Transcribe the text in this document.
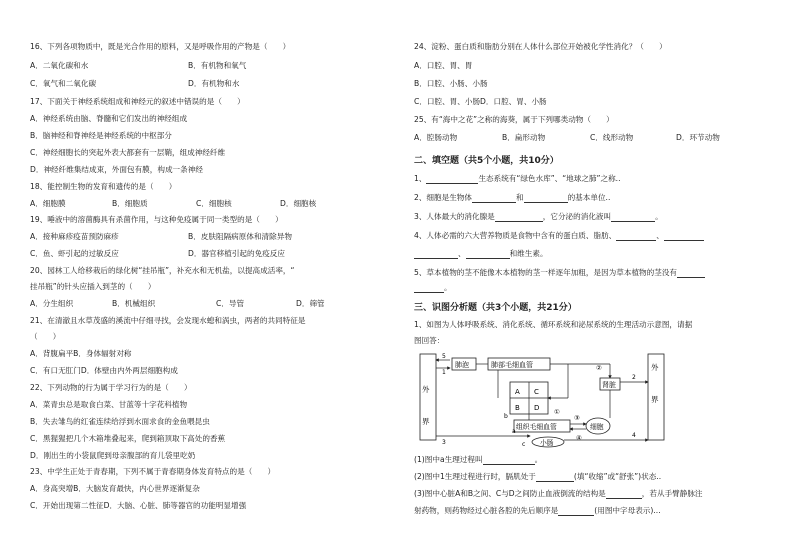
16、下列各项物质中，既是光合作用的原料，又是呼吸作用的产物是（　　）
A．二氧化碳和水	B．有机物和氧气
C．氧气和二氧化碳	D．有机物和水
17、下面关于神经系统组成和神经元的叙述中错误的是（　　）
A．神经系统由脑、脊髓和它们发出的神经组成
B．脑神经和脊神经是神经系统的中枢部分
C．神经细胞长的突起外表大都套有一层鞘，组成神经纤维
D．神经纤维集结成束，外面包有膜，构成一条神经
18、能控制生物的发育和遗传的是（　　）
A．细胞膜	B．细胞质	C．细胞核	D．细胞核
19、唾液中的溶菌酶具有杀菌作用，与这种免疫属于同一类型的是（　　）
A．接种麻疹疫苗预防麻疹	B．皮肤阻隔病原体和清除异物
C．鱼、虾引起的过敏反应	D．器官移植引起的免疫反应
20、园林工人给移栽后的绿化树“挂吊瓶”，补充水和无机盐，以提高成活率，“
挂吊瓶”的针头应插入到茎的（　　）
A．分生组织	B．机械组织	C．导管	D．筛管
21、在清澈且水草茂盛的溪流中仔细寻找，会发现水螅和涡虫，两者的共同特征是
（　　）
A．背腹扁平B．身体辐射对称
C．有口无肛门D．体壁由内外两层细胞构成
22、下列动物的行为属于学习行为的是（　　）
A．菜青虫总是取食白菜、甘蓝等十字花科植物
B．失去雏鸟的红雀连续给浮到水面求食的金鱼喂昆虫
C．黑猩猩把几个木箱堆叠起来，爬到箱顶取下高处的香蕉
D．刚出生的小袋鼠爬到母亲腹部的育儿袋里吃奶
23、中学生正处于青春期，下列不属于青春期身体发育特点的是（　　）
A．身高突增B．大脑发育最快，内心世界逐渐复杂
C．开始出现第二性征D．大脑、心脏、肺等器官的功能明显增强
24、淀粉、蛋白质和脂肪分别在人体什么部位开始被化学性消化？（　　）
A．口腔、胃、胃
B．口腔、小肠、小肠
C．口腔、胃、小肠D．口腔、胃、小肠
25、有“海中之花”之称的海葵，属于下列哪类动物（　　）
A．腔肠动物	B．扁形动物	C．线形动物	D．环节动物
二、填空题（共5个小题，共10分）
1、	生态系统有“绿色水库”、“地球之肺”之称..
2、细胞是生物体	和	的基本单位..
3、人体最大的消化腺是	，它分泌的消化液叫	。
4、人体必需的六大营养物质是食物中含有的蛋白质、脂肪、	、
、	和维生素。
5、草本植物的茎不能像木本植物的茎一样逐年加粗，是因为草本植物的茎没有
。
三、识图分析题（共3个小题，共21分）
1、如图为人体呼吸系统、消化系统、循环系统和泌尿系统的生理活动示意图，请据
图回答：
外
界
外
界
肺泡	肺部毛细血管
5
1
A
B
C
D ①
②
肾脏
2
组织毛细血管	细胞
③
④
小肠
a
3
4
b
c
(1)图中a生理过程叫	。
(2)图中1生理过程进行时，膈肌处于	(填“收缩”或“舒张”)状态..
(3)图中心脏A和B之间、C与D之间防止血液倒流的结构是	，若从手臂静脉注
射药物，则药物经过心脏各腔的先后顺序是	(用图中字母表示)...
